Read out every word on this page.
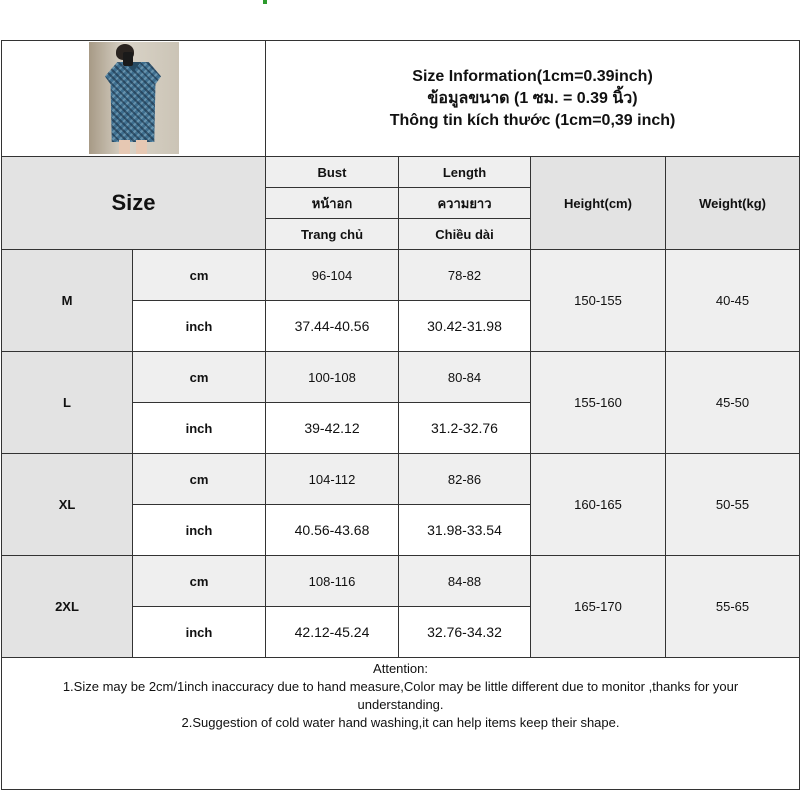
		Size Information(1cm=0.39inch)
ข้อมูลขนาด (1 ซม. = 0.39 นิ้ว)
Thông tin kích thước (1cm=0,39 inch)			

Size		Bust	Length	Height(cm)	Weight(kg)
		หน้าอก	ความยาว		
		Trang chủ	Chiều dài		
M	cm	96-104	78-82	150-155	40-45
	inch	37.44-40.56	30.42-31.98		
L	cm	100-108	80-84	155-160	45-50
	inch	39-42.12	31.2-32.76		
XL	cm	104-112	82-86	160-165	50-55
	inch	40.56-43.68	31.98-33.54		
2XL	cm	108-116	84-88	165-170	55-65
	inch	42.12-45.24	32.76-34.32		

Attention:
1.Size may be 2cm/1inch inaccuracy due to hand measure,Color may be little different due to monitor ,thanks for your understanding.
2.Suggestion of cold water hand washing,it can help items keep their shape.					
